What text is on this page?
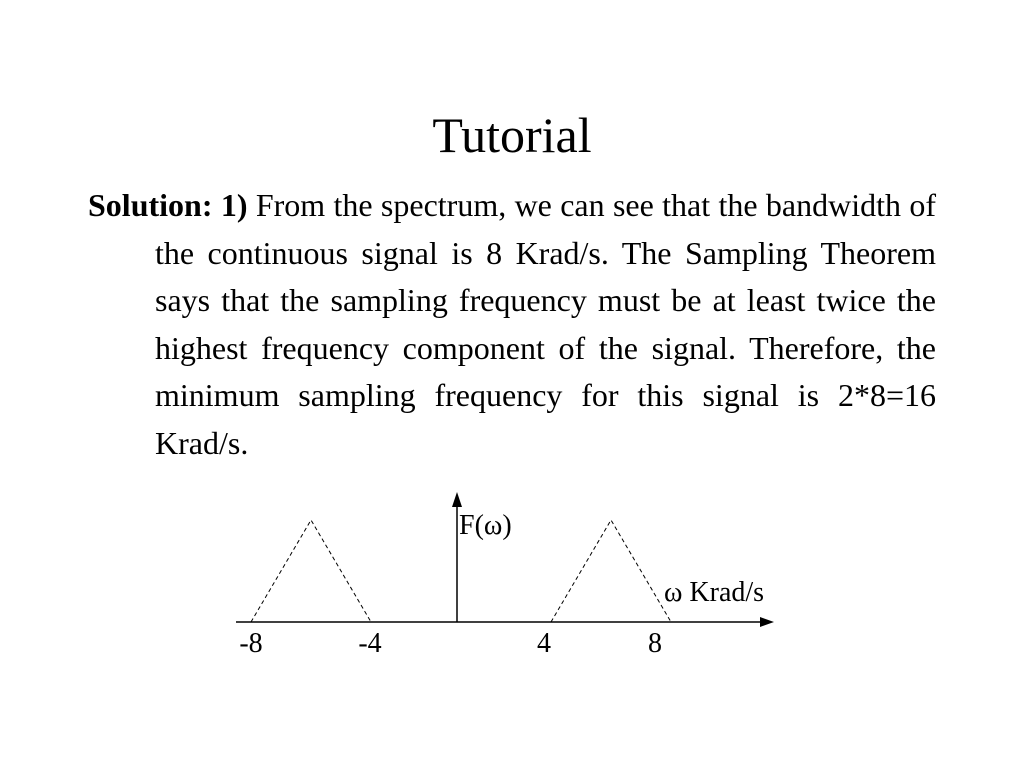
Tutorial

Solution: 1) From the spectrum, we can see that the bandwidth of the continuous signal is 8 Krad/s. The Sampling Theorem says that the sampling frequency must be at least twice the highest frequency component of the signal. Therefore, the minimum sampling frequency for this signal is 2*8=16 Krad/s.

F(ω)
ω Krad/s
-8	-4	4	8
